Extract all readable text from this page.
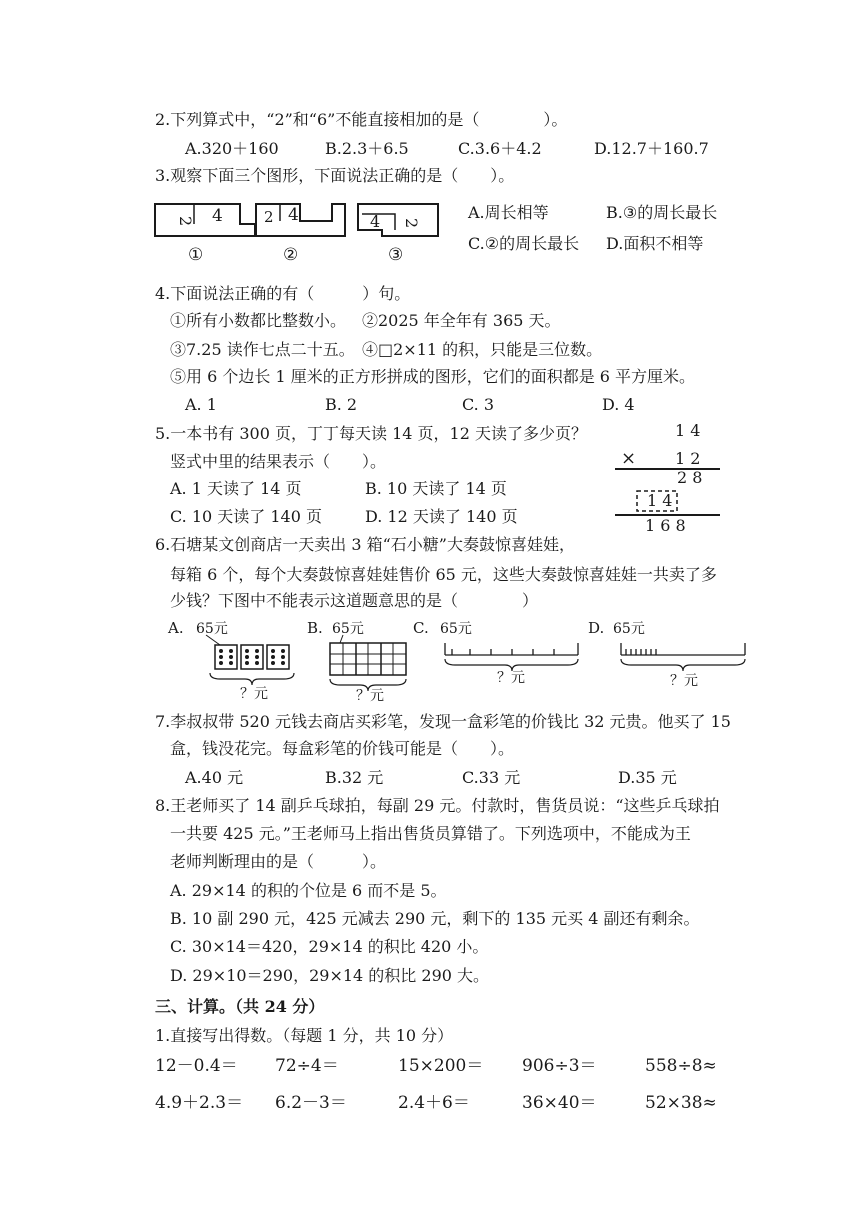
2.下列算式中，“2”和“6”不能直接相加的是（　　　　）。
A.320＋160	B.2.3＋6.5	C.3.6＋4.2	D.12.7＋160.7
3.观察下面三个图形，下面说法正确的是（　　）。
2 4
①
2 4
②
4 2
③
A.周长相等	B.③的周长最长
C.②的周长最长 D.面积不相等
4.下面说法正确的有（　　　）句。
①所有小数都比整数小。 ②2025 年全年有 365 天。
③7.25 读作七点二十五。 ④□2×11 的积，只能是三位数。
⑤用 6 个边长 1 厘米的正方形拼成的图形，它们的面积都是 6 平方厘米。
A. 1	B. 2	C. 3	D. 4
5.一本书有 300 页，丁丁每天读 14 页，12 天读了多少页？
竖式中里的结果表示（　　）。
A. 1 天读了 14 页	B. 10 天读了 14 页
C. 10 天读了 140 页	D. 12 天读了 140 页
1 4
× 1 2
2 8
1 4
1 6 8
6.石塘某文创商店一天卖出 3 箱“石小糖”大奏鼓惊喜娃娃，
每箱 6 个，每个大奏鼓惊喜娃娃售价 65 元，这些大奏鼓惊喜娃娃一共卖了多
少钱？下图中不能表示这道题意思的是（　　　　）
A. 65元
？元
B. 65元
？元
C. 65元
？元
D. 65元
？元
7.李叔叔带 520 元钱去商店买彩笔，发现一盒彩笔的价钱比 32 元贵。他买了 15
盒，钱没花完。每盒彩笔的价钱可能是（　　）。
A.40 元	B.32 元	C.33 元	D.35 元
8.王老师买了 14 副乒乓球拍，每副 29 元。付款时，售货员说：“这些乒乓球拍
一共要 425 元。”王老师马上指出售货员算错了。下列选项中，不能成为王
老师判断理由的是（　　　）。
A. 29×14 的积的个位是 6 而不是 5。
B. 10 副 290 元，425 元减去 290 元，剩下的 135 元买 4 副还有剩余。
C. 30×14＝420，29×14 的积比 420 小。
D. 29×10＝290，29×14 的积比 290 大。
三、计算。（共 24 分）
1.直接写出得数。（每题 1 分，共 10 分）
12－0.4＝ 72÷4＝	15×200＝ 906÷3＝	558÷8≈
4.9＋2.3＝ 6.2－3＝	2.4＋6＝	36×40＝	52×38≈
